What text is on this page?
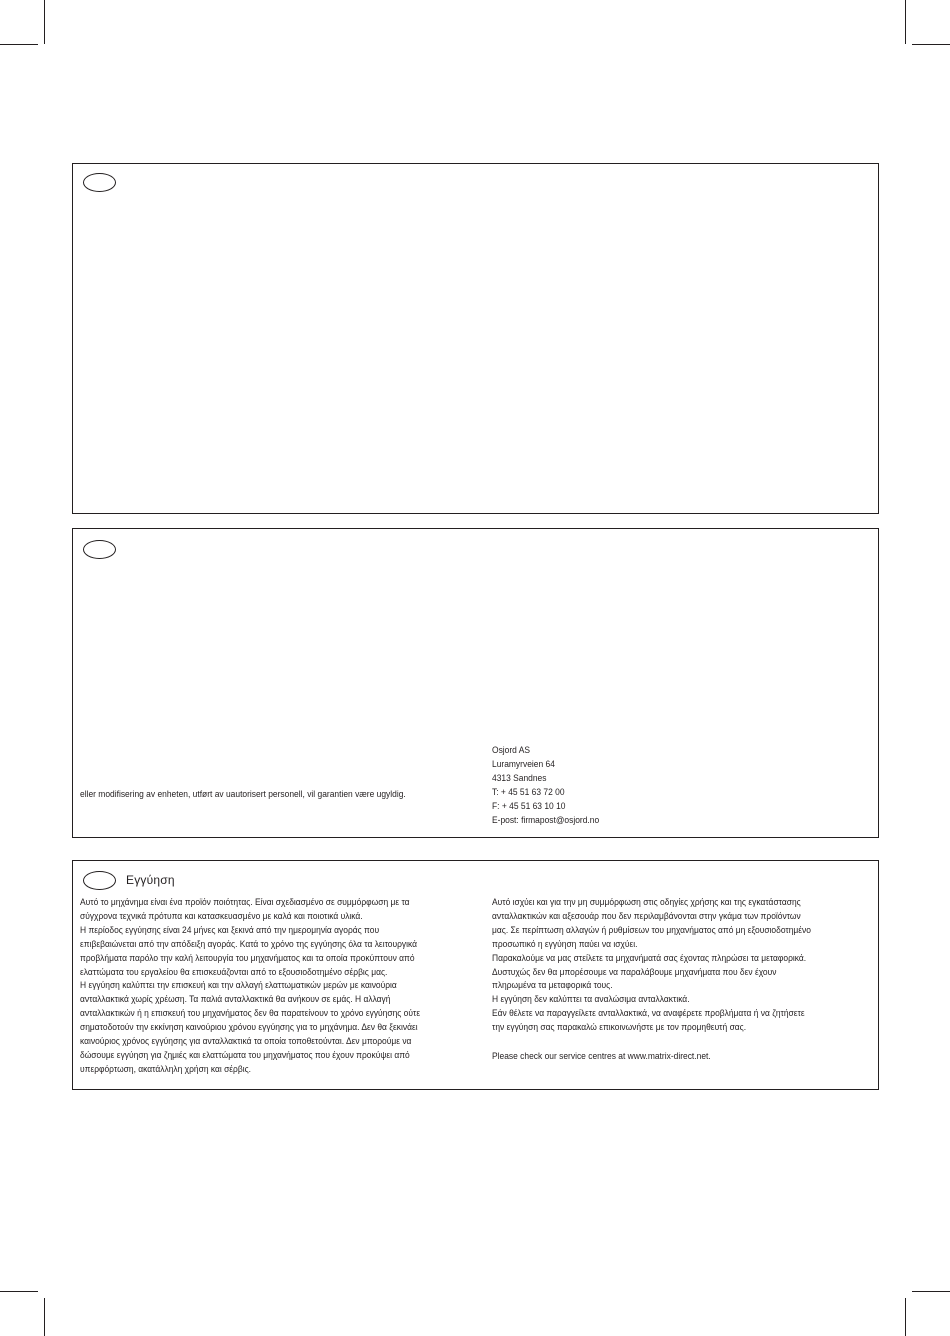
eller modifisering av enheten, utført av uautorisert personell, vil garantien være ugyldig.
Osjord AS
Luramyrveien 64
4313 Sandnes
T: + 45 51 63 72 00
F: + 45 51 63 10 10
E-post: firmapost@osjord.no
Εγγύηση
Αυτό το μηχάνημα είναι ένα προϊόν ποιότητας. Είναι σχεδιασμένο σε συμμόρφωση με τα
σύγχρονα τεχνικά πρότυπα και κατασκευασμένο με καλά και ποιοτικά υλικά.
Η περίοδος εγγύησης είναι 24 μήνες και ξεκινά από την ημερομηνία αγοράς που
επιβεβαιώνεται από την απόδειξη αγοράς. Κατά το χρόνο της εγγύησης όλα τα λειτουργικά
προβλήματα παρόλο την καλή λειτουργία του μηχανήματος και τα οποία προκύπτουν από
ελαττώματα του εργαλείου θα επισκευάζονται από το εξουσιοδοτημένο σέρβις μας.
Η εγγύηση καλύπτει την επισκευή και την αλλαγή ελαττωματικών μερών με καινούρια
ανταλλακτικά χωρίς χρέωση. Τα παλιά ανταλλακτικά θα ανήκουν σε εμάς. Η αλλαγή
ανταλλακτικών ή η επισκευή του μηχανήματος δεν θα παρατείνουν το χρόνο εγγύησης ούτε
σηματοδοτούν την εκκίνηση καινούριου χρόνου εγγύησης για το μηχάνημα. Δεν θα ξεκινάει
καινούριος χρόνος εγγύησης για ανταλλακτικά τα οποία τοποθετούνται. Δεν μπορούμε να
δώσουμε εγγύηση για ζημιές και ελαττώματα του μηχανήματος που έχουν προκύψει από
υπερφόρτωση, ακατάλληλη χρήση και σέρβις.
Αυτό ισχύει και για την μη συμμόρφωση στις οδηγίες χρήσης και της εγκατάστασης
ανταλλακτικών και αξεσουάρ που δεν περιλαμβάνονται στην γκάμα των προϊόντων
μας. Σε περίπτωση αλλαγών ή ρυθμίσεων του μηχανήματος από μη εξουσιοδοτημένο
προσωπικό η εγγύηση παύει να ισχύει.
Παρακαλούμε να μας στείλετε τα μηχανήματά σας έχοντας πληρώσει τα μεταφορικά.
Δυστυχώς δεν θα μπορέσουμε να παραλάβουμε μηχανήματα που δεν έχουν
πληρωμένα τα μεταφορικά τους.
Η εγγύηση δεν καλύπτει τα αναλώσιμα ανταλλακτικά.
Εάν θέλετε να παραγγείλετε ανταλλακτικά, να αναφέρετε προβλήματα ή να ζητήσετε
την εγγύηση σας παρακαλώ επικοινωνήστε με τον προμηθευτή σας.
Please check our service centres at www.matrix-direct.net.
